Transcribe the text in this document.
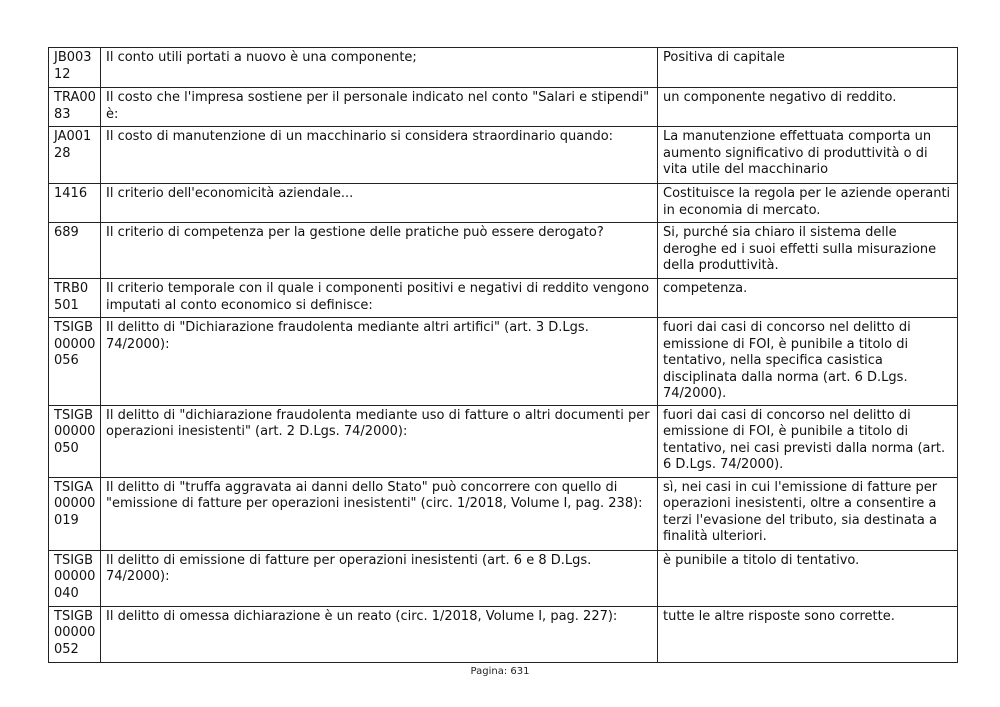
JB00312	Il conto utili portati a nuovo è una componente;	Positiva di capitale
TRA0083	Il costo che l'impresa sostiene per il personale indicato nel conto "Salari e stipendi" è:	un componente negativo di reddito.
JA00128	Il costo di manutenzione di un macchinario si considera straordinario quando:	La manutenzione effettuata comporta un aumento significativo di produttività o di vita utile del macchinario
1416	Il criterio dell'economicità aziendale...	Costituisce la regola per le aziende operanti in economia di mercato.
689	Il criterio di competenza per la gestione delle pratiche può essere derogato?	Si, purché sia chiaro il sistema delle deroghe ed i suoi effetti sulla misurazione della produttività.
TRB0501	Il criterio temporale con il quale i componenti positivi e negativi di reddito vengono imputati al conto economico si definisce:	competenza.
TSIGB00000056	Il delitto di "Dichiarazione fraudolenta mediante altri artifici" (art. 3 D.Lgs. 74/2000):	fuori dai casi di concorso nel delitto di emissione di FOI, è punibile a titolo di tentativo, nella specifica casistica disciplinata dalla norma (art. 6 D.Lgs. 74/2000).
TSIGB00000050	Il delitto di "dichiarazione fraudolenta mediante uso di fatture o altri documenti per operazioni inesistenti" (art. 2 D.Lgs. 74/2000):	fuori dai casi di concorso nel delitto di emissione di FOI, è punibile a titolo di tentativo, nei casi previsti dalla norma (art. 6 D.Lgs. 74/2000).
TSIGA00000019	Il delitto di "truffa aggravata ai danni dello Stato" può concorrere con quello di "emissione di fatture per operazioni inesistenti" (circ. 1/2018, Volume I, pag. 238):	sì, nei casi in cui l'emissione di fatture per operazioni inesistenti, oltre a consentire a terzi l'evasione del tributo, sia destinata a finalità ulteriori.
TSIGB00000040	Il delitto di emissione di fatture per operazioni inesistenti (art. 6 e 8 D.Lgs. 74/2000):	è punibile a titolo di tentativo.
TSIGB00000052	Il delitto di omessa dichiarazione è un reato (circ. 1/2018, Volume I, pag. 227):	tutte le altre risposte sono corrette.
Pagina: 631
